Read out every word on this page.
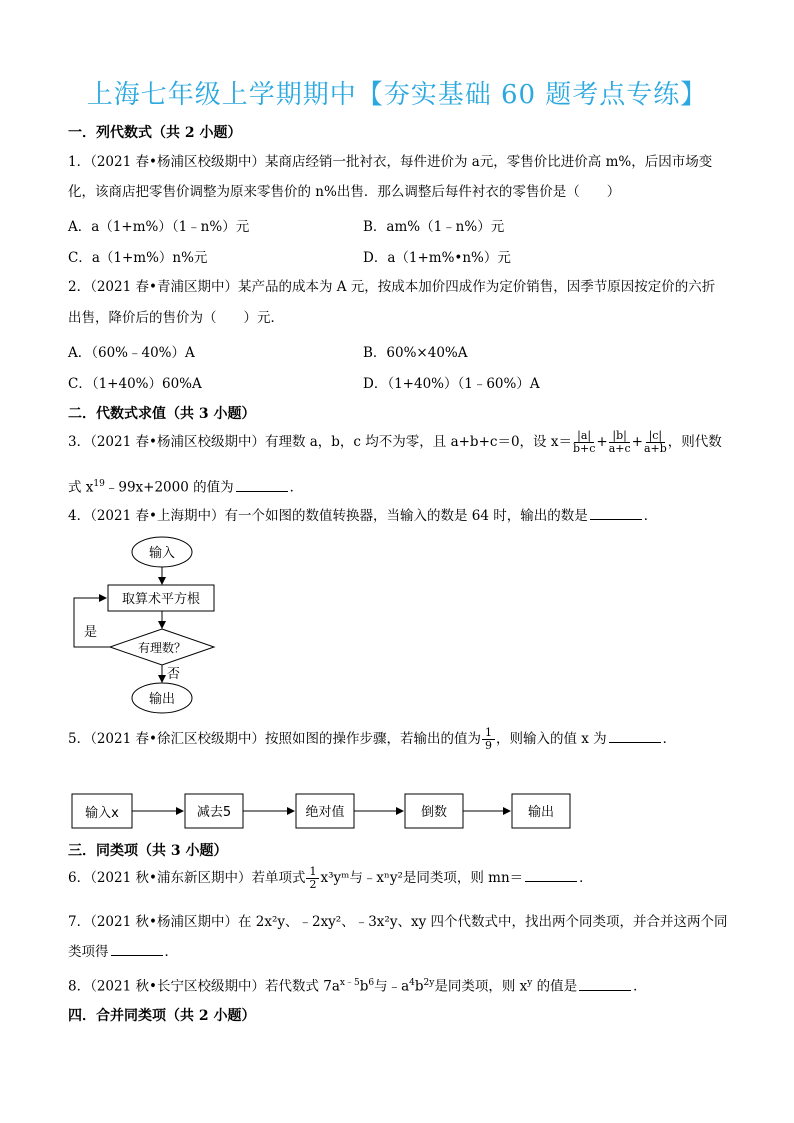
上海七年级上学期期中【夯实基础 60 题考点专练】
一．列代数式（共 2 小题）
1．（2021 春•杨浦区校级期中）某商店经销一批衬衣，每件进价为 a元，零售价比进价高 m%，后因市场变
化，该商店把零售价调整为原来零售价的 n%出售．那么调整后每件衬衣的零售价是（　　）
A．a（1+m%）（1﹣n%）元	B．am%（1﹣n%）元
C．a（1+m%）n%元	D．a（1+m%•n%）元
2．（2021 春•青浦区期中）某产品的成本为 A 元，按成本加价四成作为定价销售，因季节原因按定价的六折
出售，降价后的售价为（　　）元．
A．（60%﹣40%）A	B．60%×40%A
C．（1+40%）60%A	D．（1+40%）（1﹣60%）A
二．代数式求值（共 3 小题）
3．（2021 春•杨浦区校级期中）有理数 a，b，c 均不为零，且 a+b+c＝0，设 $x= \frac{|a|}{b+c} + \frac{|b|}{a+c} + \frac{|c|}{a+b}$ ，则代数
式 $x^{19}﹣99x+2000$ 的值为	．
4．（2021 春•上海期中）有一个如图的数值转换器，当输入的数是 64 时，输出的数是	．
输入
取算术平方根
有理数？
是
否
输出
5．（2021 春•徐汇区校级期中）按照如图的操作步骤，若输出的值为 $\frac{1}{9}$ ，则输入的值 x 为	．
输入x	减去5	绝对值	倒数	输出
三．同类项（共 3 小题）
6．（2021 秋•浦东新区期中）若单项式 $\frac{1}{2}$ x³yᵐ与﹣xⁿy²是同类项，则 mn＝	．
7．（2021 秋•杨浦区期中）在 2x²y、﹣2xy²、﹣3x²y、xy 四个代数式中，找出两个同类项，并合并这两个同
类项得	．
8．（2021 秋•长宁区校级期中）若代数式 $7a^{x﹣5}b^6$与$﹣a^4b^{2y}$是同类项，则 $x^y$ 的值是	．
四．合并同类项（共 2 小题）
